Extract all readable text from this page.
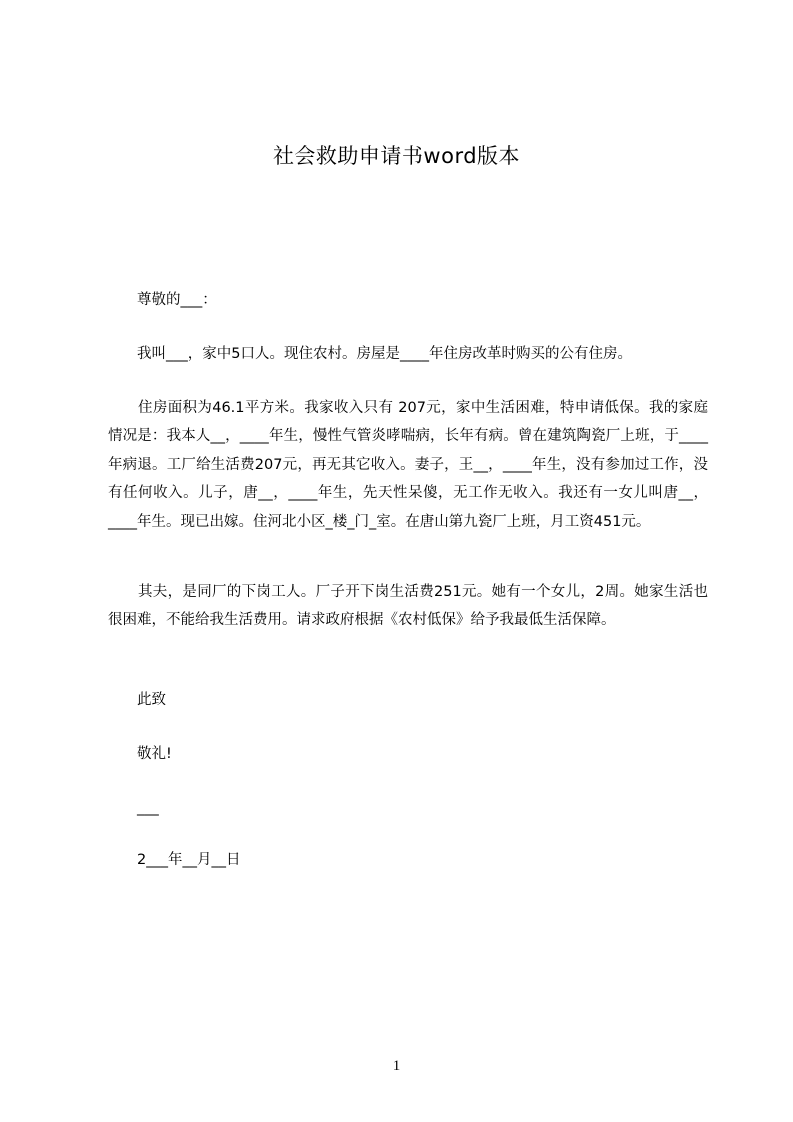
社会救助申请书word版本
尊敬的___：
我叫___，家中5口人。现住农村。房屋是____年住房改革时购买的公有住房。
住房面积为46.1平方米。我家收入只有 207元，家中生活困难，特申请低保。我的家庭情况是：我本人__，____年生，慢性气管炎哮喘病，长年有病。曾在建筑陶瓷厂上班，于____年病退。工厂给生活费207元，再无其它收入。妻子，王__，____年生，没有参加过工作，没有任何收入。儿子，唐__，____年生，先天性呆傻，无工作无收入。我还有一女儿叫唐__，____年生。现已出嫁。住河北小区_楼_门_室。在唐山第九瓷厂上班，月工资451元。
其夫，是同厂的下岗工人。厂子开下岗生活费251元。她有一个女儿，2周。她家生活也很困难，不能给我生活费用。请求政府根据《农村低保》给予我最低生活保障。
此致
敬礼!
___
2___年__月__日
1
